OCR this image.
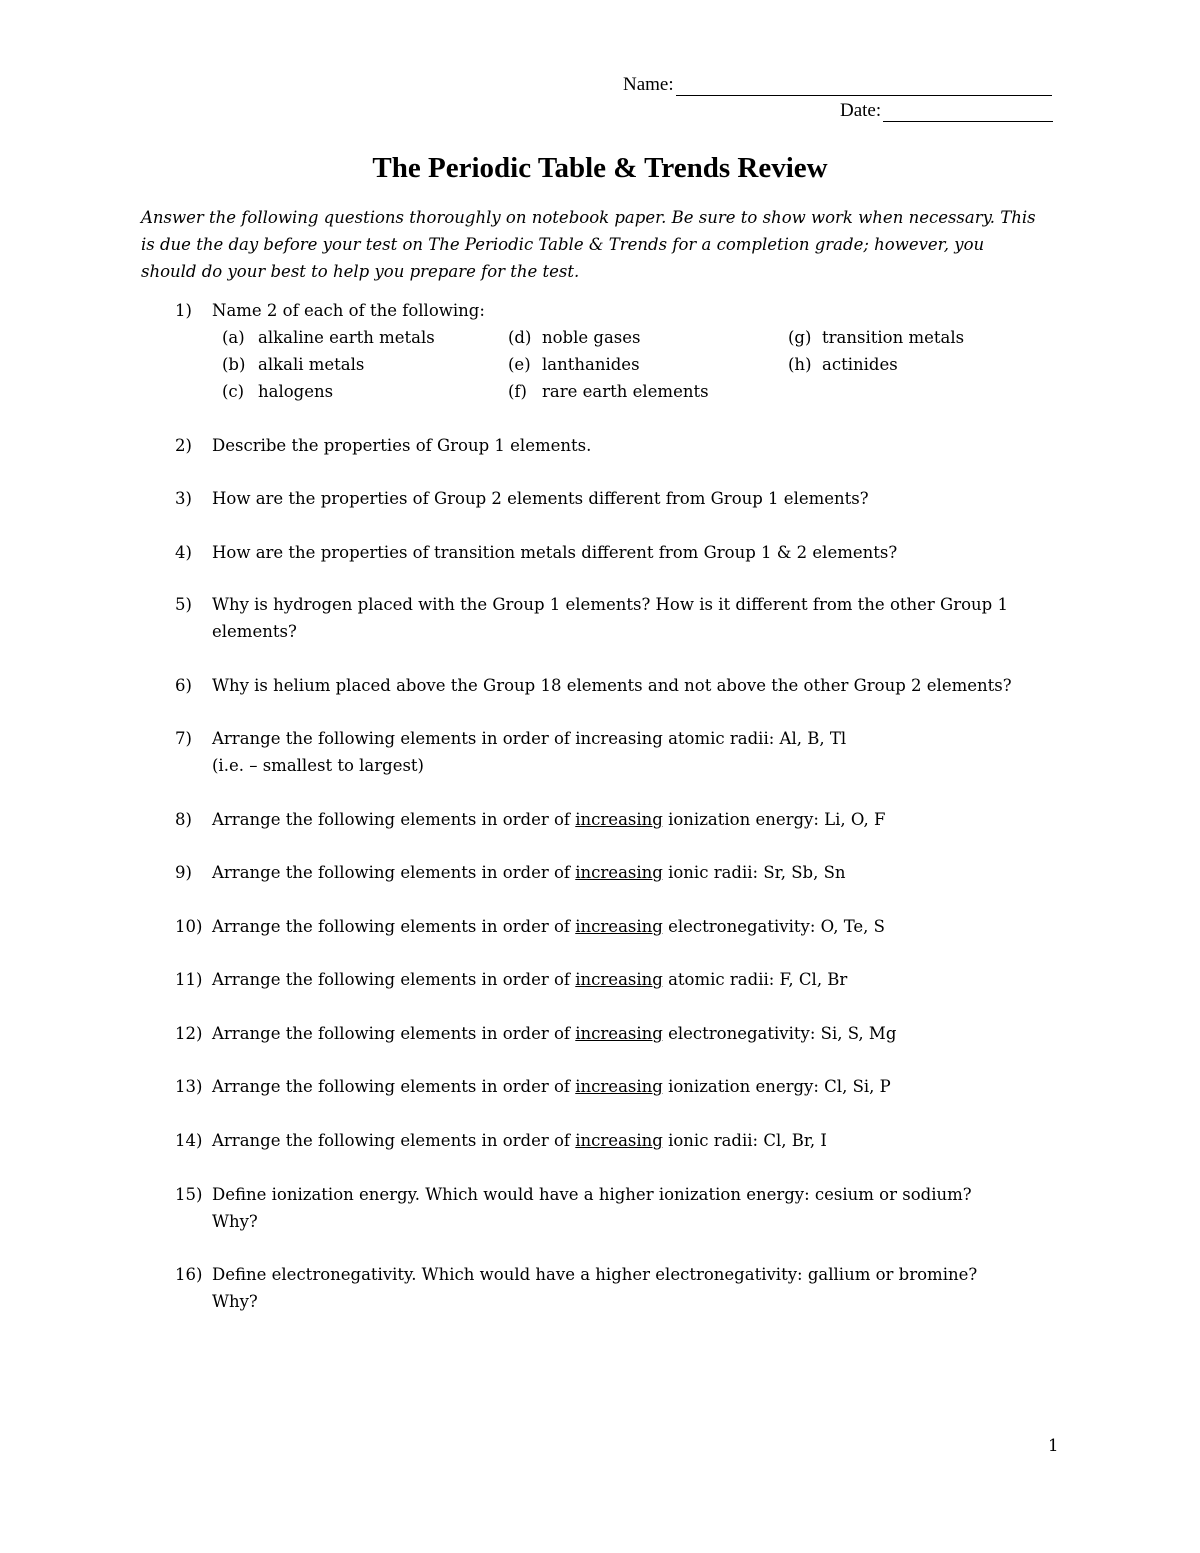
Name:
Date:
The Periodic Table & Trends Review
Answer the following questions thoroughly on notebook paper. Be sure to show work when necessary. This is due the day before your test on The Periodic Table & Trends for a completion grade; however, you should do your best to help you prepare for the test.
1) Name 2 of each of the following:
(a) alkaline earth metals
(b) alkali metals
(c) halogens
(d) noble gases
(e) lanthanides
(f) rare earth elements
(g) transition metals
(h) actinides
2) Describe the properties of Group 1 elements.
3) How are the properties of Group 2 elements different from Group 1 elements?
4) How are the properties of transition metals different from Group 1 & 2 elements?
5) Why is hydrogen placed with the Group 1 elements? How is it different from the other Group 1
elements?
6) Why is helium placed above the Group 18 elements and not above the other Group 2 elements?
7) Arrange the following elements in order of increasing atomic radii: Al, B, Tl
(i.e. – smallest to largest)
8) Arrange the following elements in order of increasing ionization energy: Li, O, F
9) Arrange the following elements in order of increasing ionic radii: Sr, Sb, Sn
10) Arrange the following elements in order of increasing electronegativity: O, Te, S
11) Arrange the following elements in order of increasing atomic radii: F, Cl, Br
12) Arrange the following elements in order of increasing electronegativity: Si, S, Mg
13) Arrange the following elements in order of increasing ionization energy: Cl, Si, P
14) Arrange the following elements in order of increasing ionic radii: Cl, Br, I
15) Define ionization energy. Which would have a higher ionization energy: cesium or sodium?
Why?
16) Define electronegativity. Which would have a higher electronegativity: gallium or bromine?
Why?
1
